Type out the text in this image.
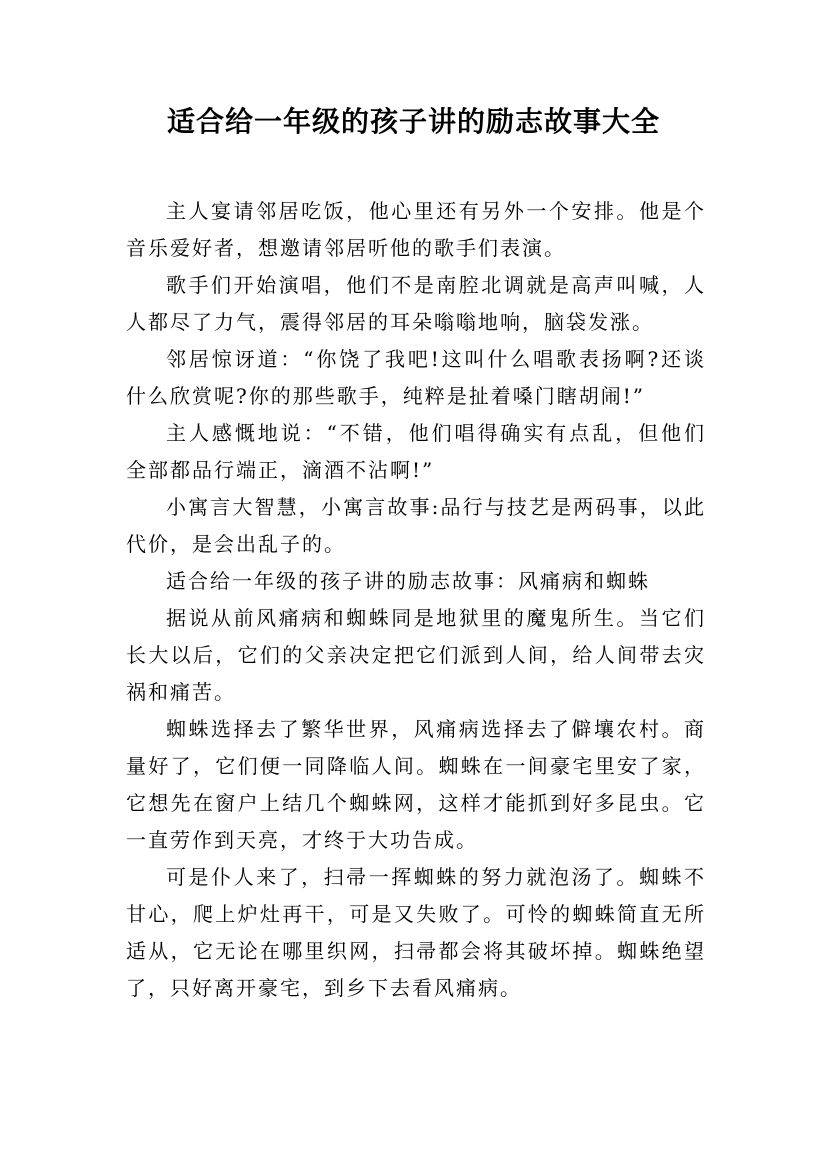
适合给一年级的孩子讲的励志故事大全

主人宴请邻居吃饭，他心里还有另外一个安排。他是个音乐爱好者，想邀请邻居听他的歌手们表演。

歌手们开始演唱，他们不是南腔北调就是高声叫喊，人人都尽了力气，震得邻居的耳朵嗡嗡地响，脑袋发涨。

邻居惊讶道：“你饶了我吧!这叫什么唱歌表扬啊?还谈什么欣赏呢?你的那些歌手，纯粹是扯着嗓门瞎胡闹!”

主人感慨地说：“不错，他们唱得确实有点乱，但他们全部都品行端正，滴酒不沾啊!”

小寓言大智慧，小寓言故事:品行与技艺是两码事，以此代价，是会出乱子的。

适合给一年级的孩子讲的励志故事：风痛病和蜘蛛

据说从前风痛病和蜘蛛同是地狱里的魔鬼所生。当它们长大以后，它们的父亲决定把它们派到人间，给人间带去灾祸和痛苦。

蜘蛛选择去了繁华世界，风痛病选择去了僻壤农村。商量好了，它们便一同降临人间。蜘蛛在一间豪宅里安了家，它想先在窗户上结几个蜘蛛网，这样才能抓到好多昆虫。它一直劳作到天亮，才终于大功告成。

可是仆人来了，扫帚一挥蜘蛛的努力就泡汤了。蜘蛛不甘心，爬上炉灶再干，可是又失败了。可怜的蜘蛛简直无所适从，它无论在哪里织网，扫帚都会将其破坏掉。蜘蛛绝望了，只好离开豪宅，到乡下去看风痛病。
